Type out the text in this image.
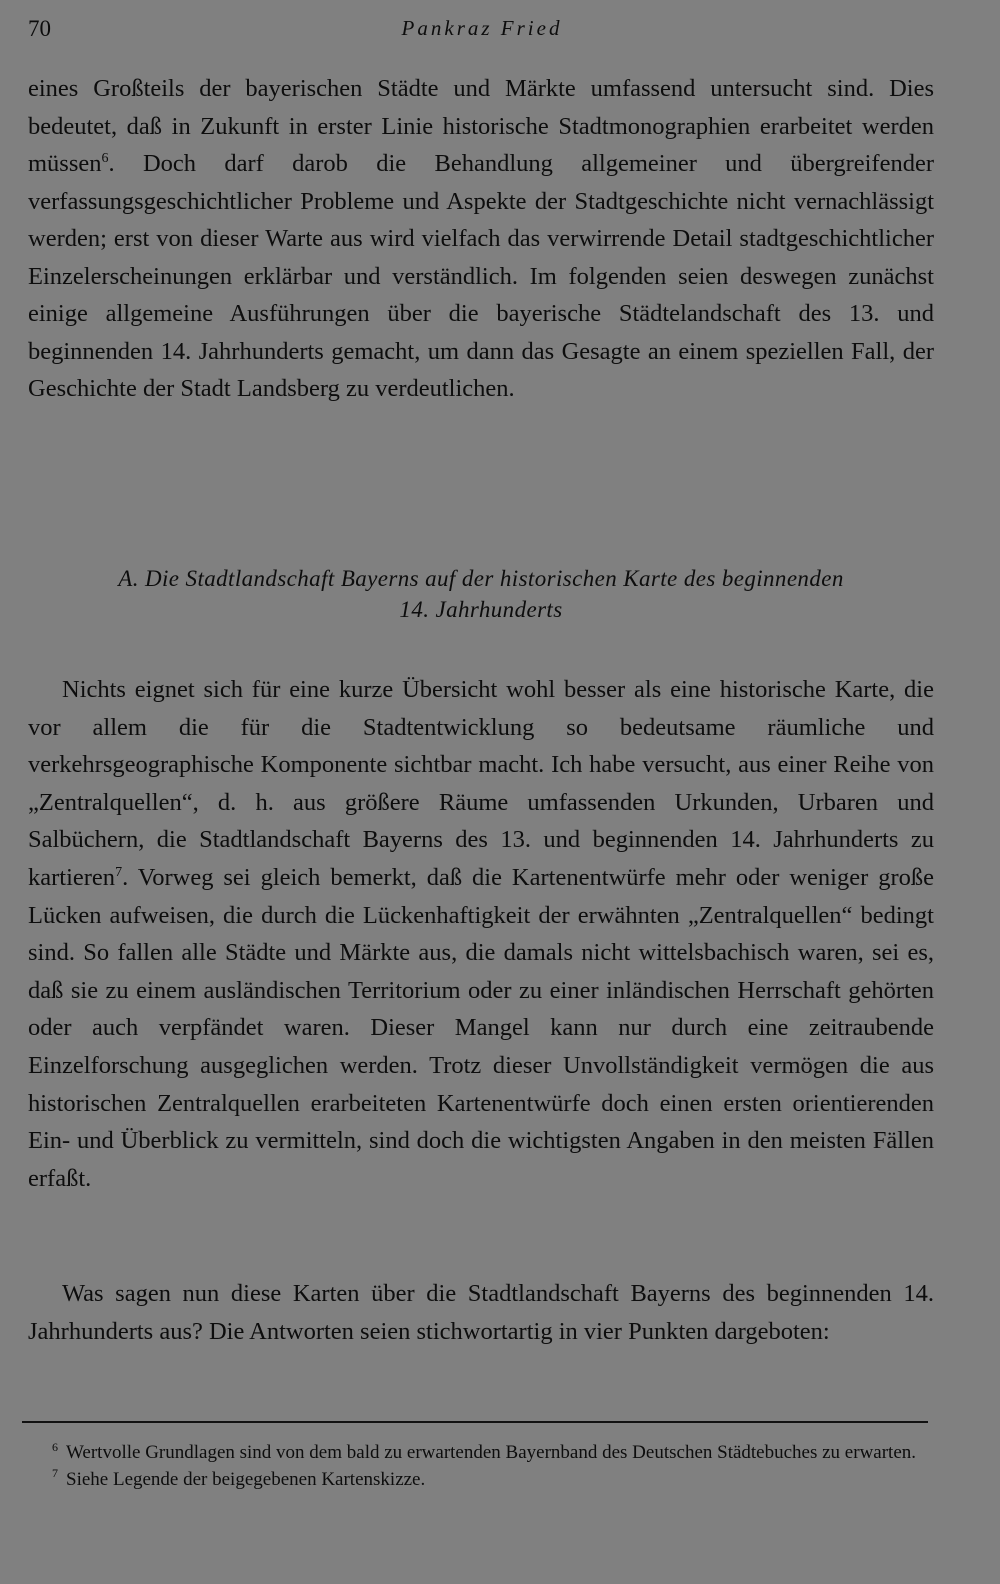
70	Pankraz Fried

eines Großteils der bayerischen Städte und Märkte umfassend untersucht sind. Dies bedeutet, daß in Zukunft in erster Linie historische Stadtmonographien erarbeitet werden müssen$^6$. Doch darf darob die Behandlung allgemeiner und übergreifender verfassungsgeschichtlicher Probleme und Aspekte der Stadtgeschichte nicht vernachlässigt werden; erst von dieser Warte aus wird vielfach das verwirrende Detail stadtgeschichtlicher Einzelerscheinungen erklärbar und verständlich. Im folgenden seien deswegen zunächst einige allgemeine Ausführungen über die bayerische Städtelandschaft des 13. und beginnenden 14. Jahrhunderts gemacht, um dann das Gesagte an einem speziellen Fall, der Geschichte der Stadt Landsberg zu verdeutlichen.

A. Die Stadtlandschaft Bayerns auf der historischen Karte des beginnenden
14. Jahrhunderts

Nichts eignet sich für eine kurze Übersicht wohl besser als eine historische Karte, die vor allem die für die Stadtentwicklung so bedeutsame räumliche und verkehrsgeographische Komponente sichtbar macht. Ich habe versucht, aus einer Reihe von „Zentralquellen“, d. h. aus größere Räume umfassenden Urkunden, Urbaren und Salbüchern, die Stadtlandschaft Bayerns des 13. und beginnenden 14. Jahrhunderts zu kartieren$^7$. Vorweg sei gleich bemerkt, daß die Kartenentwürfe mehr oder weniger große Lücken aufweisen, die durch die Lückenhaftigkeit der erwähnten „Zentralquellen“ bedingt sind. So fallen alle Städte und Märkte aus, die damals nicht wittelsbachisch waren, sei es, daß sie zu einem ausländischen Territorium oder zu einer inländischen Herrschaft gehörten oder auch verpfändet waren. Dieser Mangel kann nur durch eine zeitraubende Einzelforschung ausgeglichen werden. Trotz dieser Unvollständigkeit vermögen die aus historischen Zentralquellen erarbeiteten Kartenentwürfe doch einen ersten orientierenden Ein- und Überblick zu vermitteln, sind doch die wichtigsten Angaben in den meisten Fällen erfaßt.

Was sagen nun diese Karten über die Stadtlandschaft Bayerns des beginnenden 14. Jahrhunderts aus? Die Antworten seien stichwortartig in vier Punkten dargeboten:

$^6$ Wertvolle Grundlagen sind von dem bald zu erwartenden Bayernband des Deutschen Städtebuches zu erwarten.

$^7$ Siehe Legende der beigegebenen Kartenskizze.
